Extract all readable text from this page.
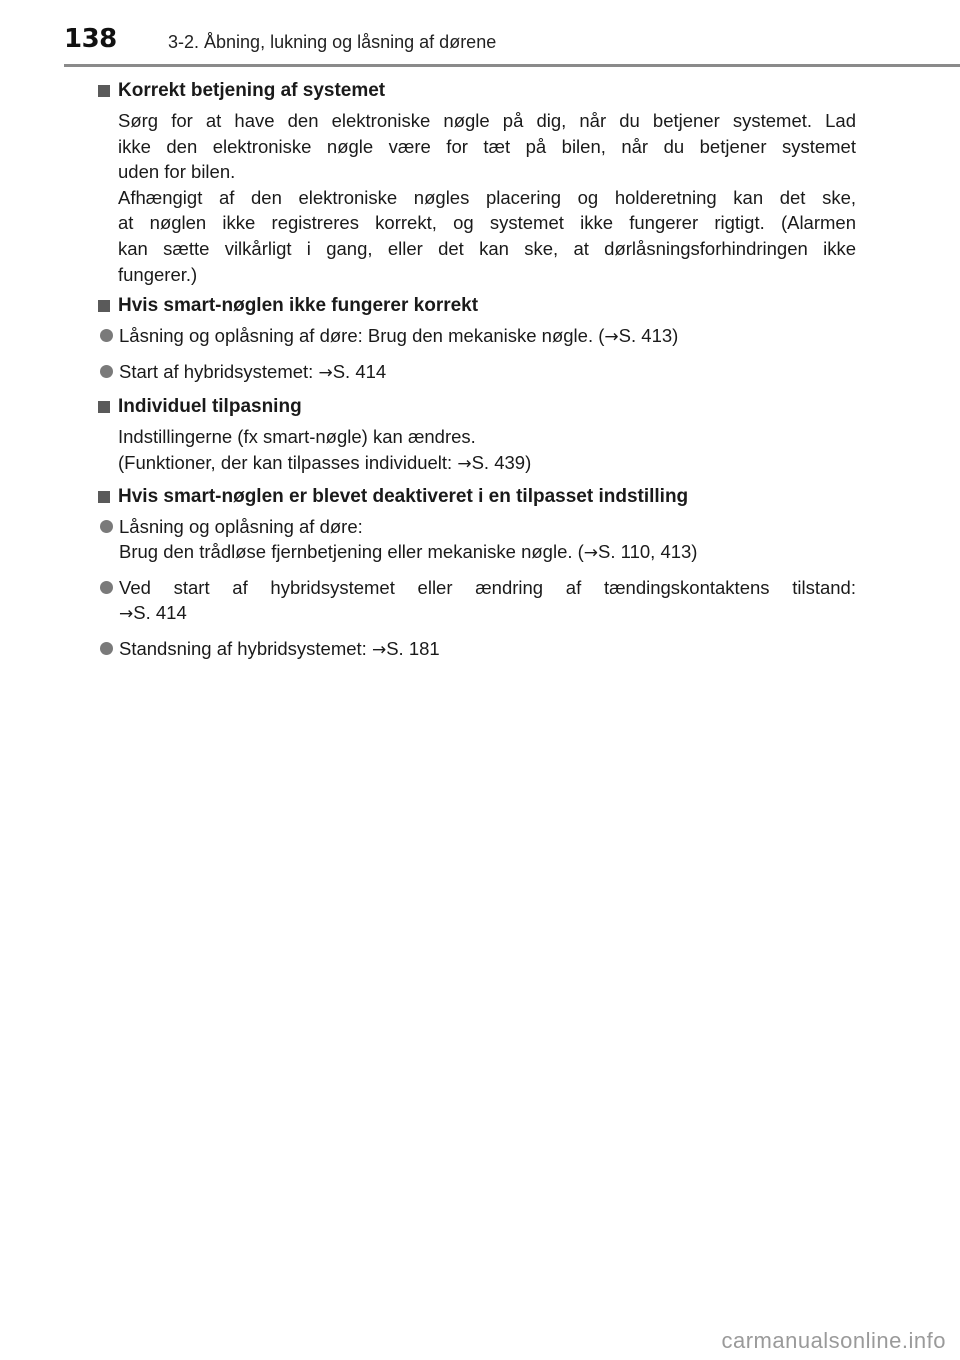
138	3-2. Åbning, lukning og låsning af dørene
Korrekt betjening af systemet
Sørg for at have den elektroniske nøgle på dig, når du betjener systemet. Lad
ikke den elektroniske nøgle være for tæt på bilen, når du betjener systemet
uden for bilen.
Afhængigt af den elektroniske nøgles placering og holderetning kan det ske,
at nøglen ikke registreres korrekt, og systemet ikke fungerer rigtigt. (Alarmen
kan sætte vilkårligt i gang, eller det kan ske, at dørlåsningsforhindringen ikke
fungerer.)
Hvis smart-nøglen ikke fungerer korrekt
Låsning og oplåsning af døre: Brug den mekaniske nøgle. (→S. 413)
Start af hybridsystemet: →S. 414
Individuel tilpasning
Indstillingerne (fx smart-nøgle) kan ændres.
(Funktioner, der kan tilpasses individuelt: →S. 439)
Hvis smart-nøglen er blevet deaktiveret i en tilpasset indstilling
Låsning og oplåsning af døre:
Brug den trådløse fjernbetjening eller mekaniske nøgle. (→S. 110, 413)
Ved start af hybridsystemet eller ændring af tændingskontaktens tilstand:
→S. 414
Standsning af hybridsystemet: →S. 181
carmanualsonline.info
